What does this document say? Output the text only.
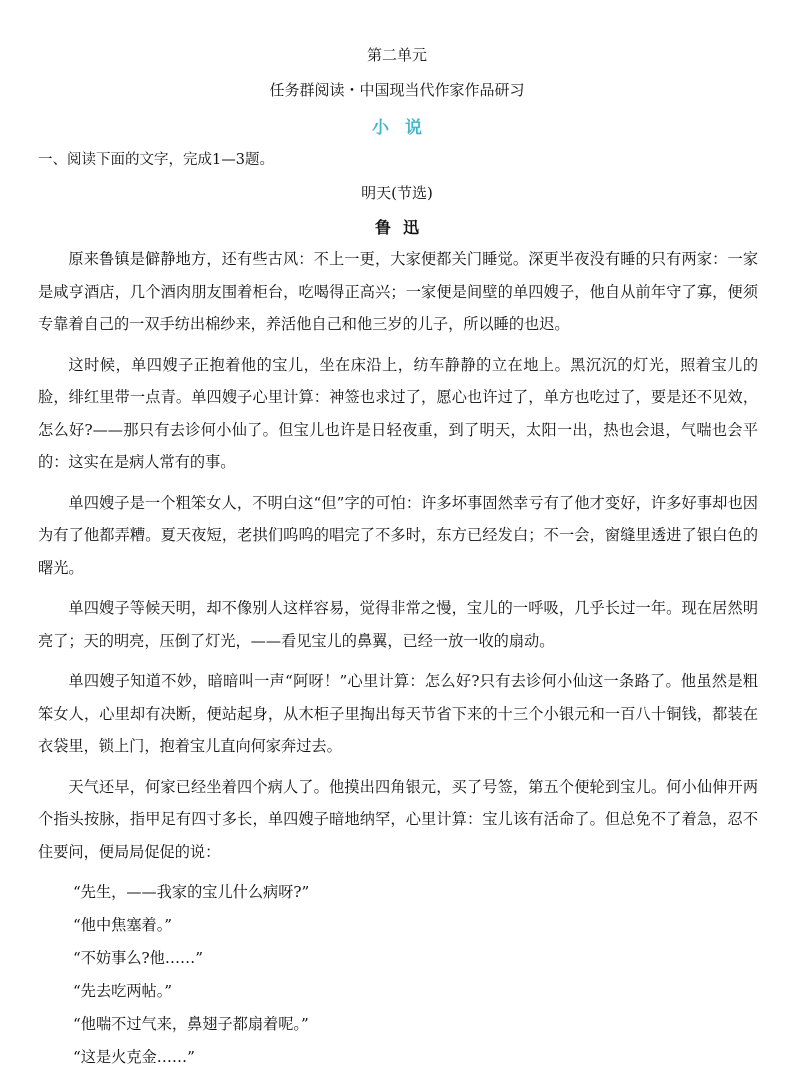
第二单元
任务群阅读・中国现当代作家作品研习
小说
一、阅读下面的文字，完成1—3题。
明天(节选)
鲁迅

原来鲁镇是僻静地方，还有些古风：不上一更，大家便都关门睡觉。深更半夜没有睡的只有两家：一家是咸亨酒店，几个酒肉朋友围着柜台，吃喝得正高兴；一家便是间壁的单四嫂子，他自从前年守了寡，便须专靠着自己的一双手纺出棉纱来，养活他自己和他三岁的儿子，所以睡的也迟。

这时候，单四嫂子正抱着他的宝儿，坐在床沿上，纺车静静的立在地上。黑沉沉的灯光，照着宝儿的脸，绯红里带一点青。单四嫂子心里计算：神签也求过了，愿心也许过了，单方也吃过了，要是还不见效，怎么好?——那只有去诊何小仙了。但宝儿也许是日轻夜重，到了明天，太阳一出，热也会退，气喘也会平的：这实在是病人常有的事。

单四嫂子是一个粗笨女人，不明白这“但”字的可怕：许多坏事固然幸亏有了他才变好，许多好事却也因为有了他都弄糟。夏天夜短，老拱们呜呜的唱完了不多时，东方已经发白；不一会，窗缝里透进了银白色的曙光。

单四嫂子等候天明，却不像别人这样容易，觉得非常之慢，宝儿的一呼吸，几乎长过一年。现在居然明亮了；天的明亮，压倒了灯光，——看见宝儿的鼻翼，已经一放一收的扇动。

单四嫂子知道不妙，暗暗叫一声“阿呀！”心里计算：怎么好?只有去诊何小仙这一条路了。他虽然是粗笨女人，心里却有决断，便站起身，从木柜子里掏出每天节省下来的十三个小银元和一百八十铜钱，都装在衣袋里，锁上门，抱着宝儿直向何家奔过去。

天气还早，何家已经坐着四个病人了。他摸出四角银元，买了号签，第五个便轮到宝儿。何小仙伸开两个指头按脉，指甲足有四寸多长，单四嫂子暗地纳罕，心里计算：宝儿该有活命了。但总免不了着急，忍不住要问，便局局促促的说：

“先生，——我家的宝儿什么病呀?”

“他中焦塞着。”

“不妨事么?他……”

“先去吃两帖。”

“他喘不过气来，鼻翅子都扇着呢。”

“这是火克金……”
